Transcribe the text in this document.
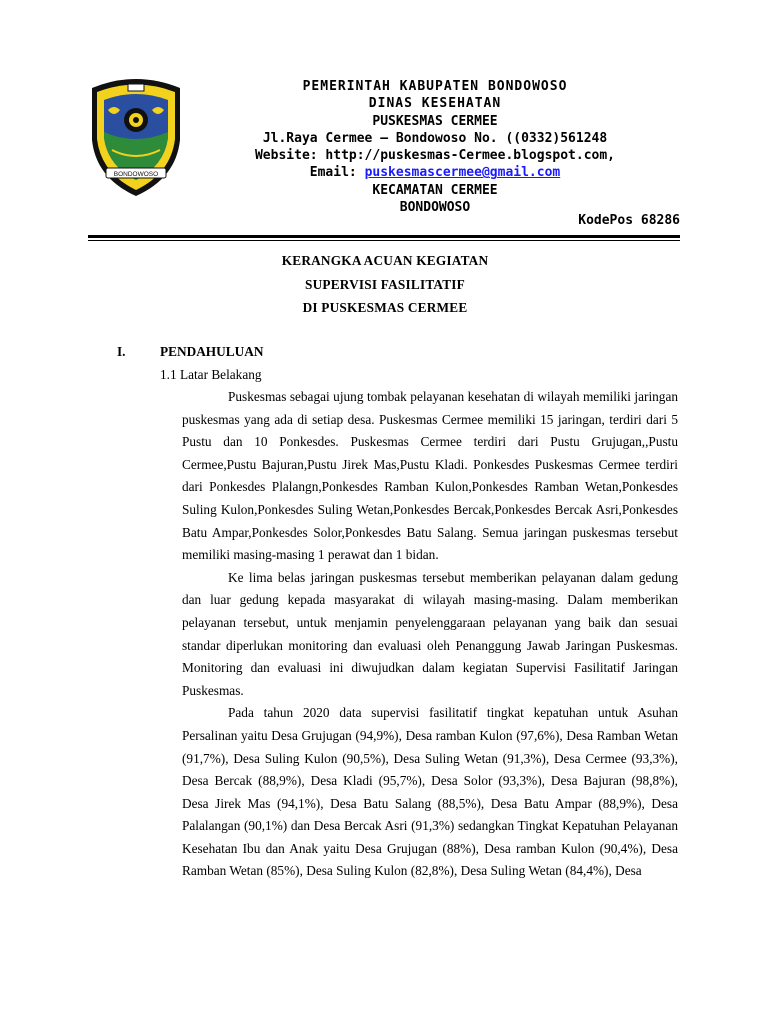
BONDOWOSO
PEMERINTAH KABUPATEN BONDOWOSO
DINAS KESEHATAN
PUSKESMAS CERMEE
Jl.Raya Cermee – Bondowoso No. ((0332)561248
Website: http://puskesmas-Cermee.blogspot.com,
Email: puskesmascermee@gmail.com
KECAMATAN CERMEE
BONDOWOSO
KodePos 68286
KERANGKA ACUAN KEGIATAN
SUPERVISI FASILITATIF
DI PUSKESMAS CERMEE
I.	PENDAHULUAN
1.1 Latar Belakang

Puskesmas sebagai ujung tombak pelayanan kesehatan di wilayah memiliki jaringan puskesmas yang ada di setiap desa. Puskesmas Cermee memiliki 15 jaringan, terdiri dari 5 Pustu dan 10 Ponkesdes. Puskesmas Cermee terdiri dari Pustu Grujugan,,Pustu Cermee,Pustu Bajuran,Pustu Jirek Mas,Pustu Kladi. Ponkesdes Puskesmas Cermee terdiri dari Ponkesdes Plalangn,Ponkesdes Ramban Kulon,Ponkesdes Ramban Wetan,Ponkesdes Suling Kulon,Ponkesdes Suling Wetan,Ponkesdes Bercak,Ponkesdes Bercak Asri,Ponkesdes Batu Ampar,Ponkesdes Solor,Ponkesdes Batu Salang. Semua jaringan puskesmas tersebut memiliki masing-masing 1 perawat dan 1 bidan.

Ke lima belas jaringan puskesmas tersebut memberikan pelayanan dalam gedung dan luar gedung kepada masyarakat di wilayah masing-masing. Dalam memberikan pelayanan tersebut, untuk menjamin penyelenggaraan pelayanan yang baik dan sesuai standar diperlukan monitoring dan evaluasi oleh Penanggung Jawab Jaringan Puskesmas. Monitoring dan evaluasi ini diwujudkan dalam kegiatan Supervisi Fasilitatif Jaringan Puskesmas.

Pada tahun 2020 data supervisi fasilitatif tingkat kepatuhan untuk Asuhan Persalinan yaitu Desa Grujugan (94,9%), Desa ramban Kulon (97,6%), Desa Ramban Wetan (91,7%), Desa Suling Kulon (90,5%), Desa Suling Wetan (91,3%), Desa Cermee (93,3%), Desa Bercak (88,9%), Desa Kladi (95,7%), Desa Solor (93,3%), Desa Bajuran (98,8%), Desa Jirek Mas (94,1%), Desa Batu Salang (88,5%), Desa Batu Ampar (88,9%), Desa Palalangan (90,1%) dan Desa Bercak Asri (91,3%) sedangkan Tingkat Kepatuhan Pelayanan Kesehatan Ibu dan Anak yaitu Desa Grujugan (88%), Desa ramban Kulon (90,4%), Desa Ramban Wetan (85%), Desa Suling Kulon (82,8%), Desa Suling Wetan (84,4%), Desa
